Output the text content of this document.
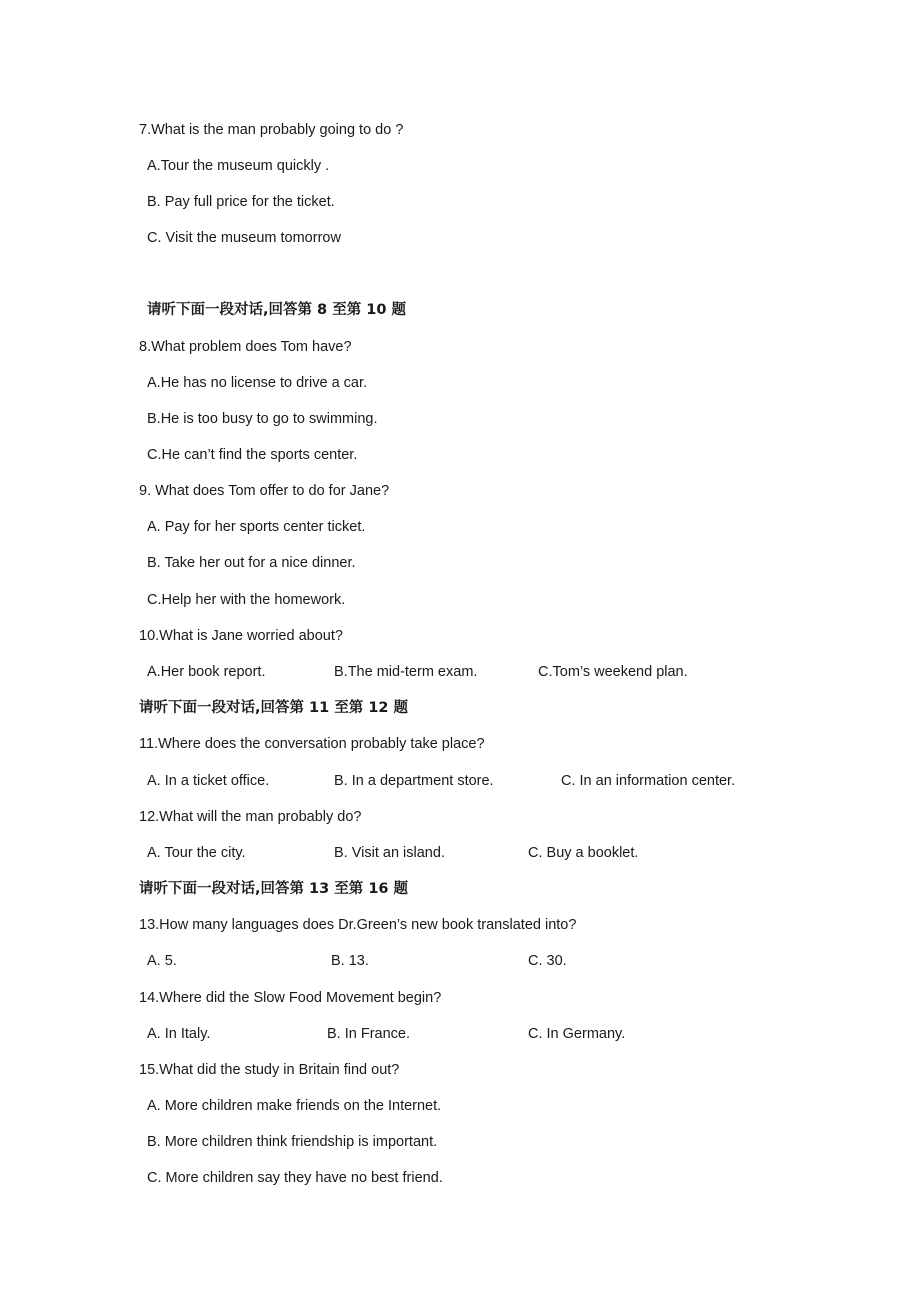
7.What is the man probably going to do ?
A.Tour the museum quickly .
B. Pay full price for the ticket.
C. Visit the museum tomorrow
请听下面一段对话,回答第 8 至第 10 题
8.What problem does Tom have?
A.He has no license to drive a car.
B.He is too busy to go to swimming.
C.He can’t find the sports center.
9. What does Tom offer to do for Jane?
A. Pay for her sports center ticket.
B. Take her out for a nice dinner.
C.Help her with the homework.
10.What is Jane worried about?
A.Her book report.	B.The mid-term exam.	C.Tom’s weekend plan.
请听下面一段对话,回答第 11 至第 12 题
11.Where does the conversation probably take place?
A. In a ticket office.	B. In a department store.	C. In an information center.
12.What will the man probably do?
A. Tour the city.	B. Visit an island.	C. Buy a booklet.
请听下面一段对话,回答第 13 至第 16 题
13.How many languages does Dr.Green’s new book translated into?
A. 5.	B. 13.	C. 30.
14.Where did the Slow Food Movement begin?
A. In Italy.	B. In France.	C. In Germany.
15.What did the study in Britain find out?
A. More children make friends on the Internet.
B. More children think friendship is important.
C. More children say they have no best friend.
